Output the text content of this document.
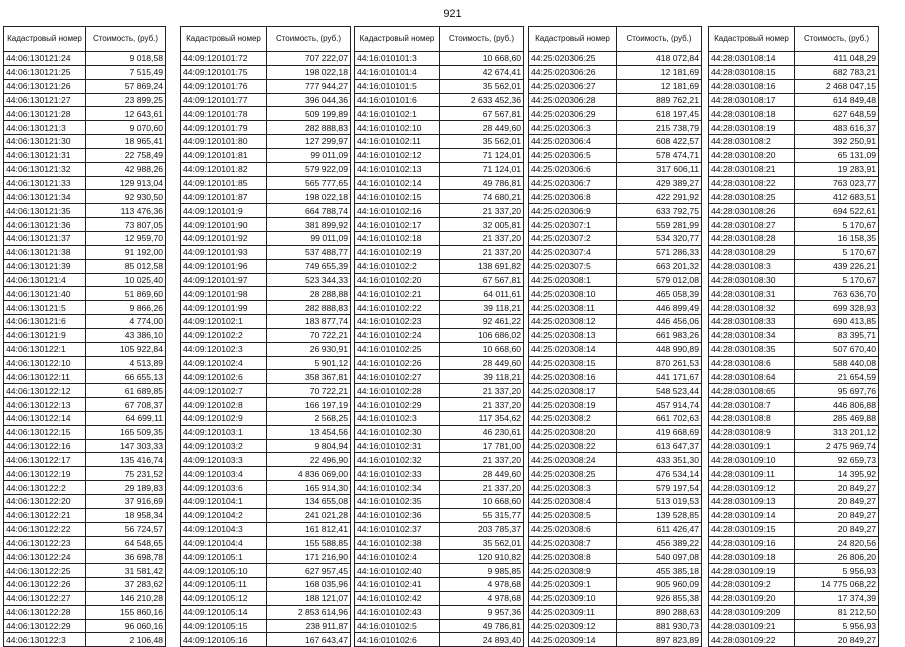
921
Кадастровый номер	Стоимость, (руб.)
44:06:130121:24	9 018,58
44:06:130121:25	7 515,49
44:06:130121:26	57 869,24
44:06:130121:27	23 899,25
44:06:130121:28	12 643,61
44:06:130121:3	9 070,60
44:06:130121:30	18 965,41
44:06:130121:31	22 758,49
44:06:130121:32	42 988,26
44:06:130121:33	129 913,04
44:06:130121:34	92 930,50
44:06:130121:35	113 476,36
44:06:130121:36	73 807,05
44:06:130121:37	12 959,70
44:06:130121:38	91 192,00
44:06:130121:39	85 012,58
44:06:130121:4	10 025,40
44:06:130121:40	51 869,60
44:06:130121:5	9 866,26
44:06:130121:6	4 774,00
44:06:130121:9	43 386,10
44:06:130122:1	105 922,84
44:06:130122:10	4 513,89
44:06:130122:11	66 655,13
44:06:130122:12	61 689,85
44:06:130122:13	67 708,37
44:06:130122:14	64 699,11
44:06:130122:15	165 509,35
44:06:130122:16	147 303,33
44:06:130122:17	135 416,74
44:06:130122:19	75 231,52
44:06:130122:2	29 189,83
44:06:130122:20	37 916,69
44:06:130122:21	18 958,34
44:06:130122:22	56 724,57
44:06:130122:23	64 548,65
44:06:130122:24	36 698,78
44:06:130122:25	31 581,42
44:06:130122:26	37 283,62
44:06:130122:27	146 210,28
44:06:130122:28	155 860,16
44:06:130122:29	96 060,16
44:06:130122:3	2 106,48
Кадастровый номер	Стоимость, (руб.)
44:09:120101:72	707 222,07
44:09:120101:75	198 022,18
44:09:120101:76	777 944,27
44:09:120101:77	396 044,36
44:09:120101:78	509 199,89
44:09:120101:79	282 888,83
44:09:120101:80	127 299,97
44:09:120101:81	99 011,09
44:09:120101:82	579 922,09
44:09:120101:85	565 777,65
44:09:120101:87	198 022,18
44:09:120101:9	664 788,74
44:09:120101:90	381 899,92
44:09:120101:92	99 011,09
44:09:120101:93	537 488,77
44:09:120101:96	749 655,39
44:09:120101:97	523 344,33
44:09:120101:98	28 288,88
44:09:120101:99	282 888,83
44:09:120102:1	183 877,74
44:09:120102:2	70 722,21
44:09:120102:3	26 930,91
44:09:120102:4	5 901,12
44:09:120102:6	358 367,81
44:09:120102:7	70 722,21
44:09:120102:8	166 197,19
44:09:120102:9	2 568,25
44:09:120103:1	13 454,56
44:09:120103:2	9 804,94
44:09:120103:3	22 496,90
44:09:120103:4	4 836 069,00
44:09:120103:6	165 914,30
44:09:120104:1	134 655,08
44:09:120104:2	241 021,28
44:09:120104:3	161 812,41
44:09:120104:4	155 588,85
44:09:120105:1	171 216,90
44:09:120105:10	627 957,45
44:09:120105:11	168 035,96
44:09:120105:12	188 121,07
44:09:120105:14	2 853 614,96
44:09:120105:15	238 911,87
44:09:120105:16	167 643,47
Кадастровый номер	Стоимость, (руб.)
44:16:010101:3	10 668,60
44:16:010101:4	42 674,41
44:16:010101:5	35 562,01
44:16:010101:6	2 633 452,36
44:16:010102:1	67 567,81
44:16:010102:10	28 449,60
44:16:010102:11	35 562,01
44:16:010102:12	71 124,01
44:16:010102:13	71 124,01
44:16:010102:14	49 786,81
44:16:010102:15	74 680,21
44:16:010102:16	21 337,20
44:16:010102:17	32 005,81
44:16:010102:18	21 337,20
44:16:010102:19	21 337,20
44:16:010102:2	138 691,82
44:16:010102:20	67 567,81
44:16:010102:21	64 011,61
44:16:010102:22	39 118,21
44:16:010102:23	92 461,22
44:16:010102:24	106 686,02
44:16:010102:25	10 668,60
44:16:010102:26	28 449,60
44:16:010102:27	39 118,21
44:16:010102:28	21 337,20
44:16:010102:29	21 337,20
44:16:010102:3	117 354,62
44:16:010102:30	46 230,61
44:16:010102:31	17 781,00
44:16:010102:32	21 337,20
44:16:010102:33	28 449,60
44:16:010102:34	21 337,20
44:16:010102:35	10 668,60
44:16:010102:36	55 315,77
44:16:010102:37	203 785,37
44:16:010102:38	35 562,01
44:16:010102:4	120 910,82
44:16:010102:40	9 985,85
44:16:010102:41	4 978,68
44:16:010102:42	4 978,68
44:16:010102:43	9 957,36
44:16:010102:5	49 786,81
44:16:010102:6	24 893,40
Кадастровый номер	Стоимость, (руб.)
44:25:020306:25	418 072,84
44:25:020306:26	12 181,69
44:25:020306:27	12 181,69
44:25:020306:28	889 762,21
44:25:020306:29	618 197,45
44:25:020306:3	215 738,79
44:25:020306:4	608 422,57
44:25:020306:5	578 474,71
44:25:020306:6	317 606,11
44:25:020306:7	429 389,27
44:25:020306:8	422 291,92
44:25:020306:9	633 792,75
44:25:020307:1	559 281,99
44:25:020307:2	534 320,77
44:25:020307:4	571 286,33
44:25:020307:5	663 201,32
44:25:020308:1	579 012,08
44:25:020308:10	465 058,39
44:25:020308:11	446 899,49
44:25:020308:12	446 456,06
44:25:020308:13	661 983,26
44:25:020308:14	448 990,89
44:25:020308:15	870 261,53
44:25:020308:16	441 171,67
44:25:020308:17	548 523,44
44:25:020308:19	457 914,74
44:25:020308:2	661 702,63
44:25:020308:20	419 668,69
44:25:020308:22	613 647,37
44:25:020308:24	433 351,30
44:25:020308:25	476 534,14
44:25:020308:3	579 197,54
44:25:020308:4	513 019,53
44:25:020308:5	139 528,85
44:25:020308:6	611 426,47
44:25:020308:7	456 389,22
44:25:020308:8	540 097,08
44:25:020308:9	455 385,18
44:25:020309:1	905 960,09
44:25:020309:10	926 855,38
44:25:020309:11	890 288,63
44:25:020309:12	881 930,73
44:25:020309:14	897 823,89
Кадастровый номер	Стоимость, (руб.)
44:28:030108:14	411 048,29
44:28:030108:15	682 783,21
44:28:030108:16	2 468 047,15
44:28:030108:17	614 849,48
44:28:030108:18	627 648,59
44:28:030108:19	483 616,37
44:28:030108:2	392 250,91
44:28:030108:20	65 131,09
44:28:030108:21	19 283,91
44:28:030108:22	763 023,77
44:28:030108:25	412 683,51
44:28:030108:26	694 522,61
44:28:030108:27	5 170,67
44:28:030108:28	16 158,35
44:28:030108:29	5 170,67
44:28:030108:3	439 226,21
44:28:030108:30	5 170,67
44:28:030108:31	763 636,70
44:28:030108:32	699 328,93
44:28:030108:33	690 413,85
44:28:030108:34	83 395,71
44:28:030108:35	507 670,40
44:28:030108:6	588 440,08
44:28:030108:64	21 654,59
44:28:030108:65	95 697,76
44:28:030108:7	446 806,88
44:28:030108:8	285 469,88
44:28:030108:9	313 201,12
44:28:030109:1	2 475 969,74
44:28:030109:10	92 659,73
44:28:030109:11	14 395,92
44:28:030109:12	20 849,27
44:28:030109:13	20 849,27
44:28:030109:14	20 849,27
44:28:030109:15	20 849,27
44:28:030109:16	24 820,56
44:28:030109:18	26 806,20
44:28:030109:19	5 956,93
44:28:030109:2	14 775 068,22
44:28:030109:20	17 374,39
44:28:030109:209	81 212,50
44:28:030109:21	5 956,93
44:28:030109:22	20 849,27
